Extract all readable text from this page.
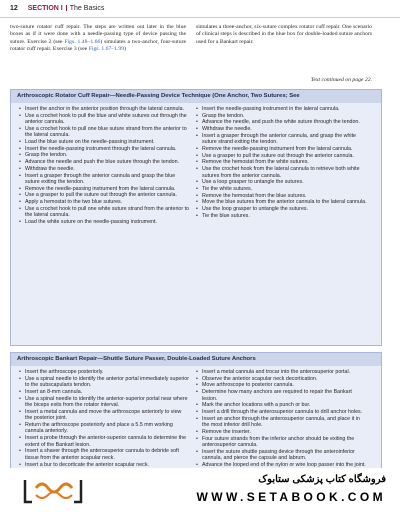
12 SECTION I The Basics
two-suture rotator cuff repair. The steps are written out later in the blue boxes as if it were done with a needle-passing type of device passing the suture. Exercise 2 (see Figs. 1.48–1.66) simulates a two-anchor, four-suture rotator cuff repair. Exercise 3 (see Figs. 1.67–1.99)
simulates a three-anchor, six-suture complex rotator cuff repair. One scenario of clinical steps is described in the blue box for double-loaded suture anchors used for a Bankart repair.
Text continued on page 22.
Arthroscopic Rotator Cuff Repair—Needle-Passing Device Technique (One Anchor, Two Sutures; See
• Insert the anchor in the anterior position through the lateral cannula.
• Use a crochet hook to pull the blue and white sutures out through the anterior cannula.
• Use a crochet hook to pull one blue suture strand from the anterior to the lateral cannula.
• Load the blue suture on the needle-passing instrument.
• Insert the needle-passing instrument through the lateral cannula.
• Grasp the tendon.
• Advance the needle and push the blue suture through the tendon.
• Withdraw the needle.
• Insert a grasper through the anterior cannula and grasp the blue suture exiting the tendon.
• Remove the needle-passing instrument from the lateral cannula.
• Use a grasper to pull the suture out through the anterior cannula.
• Apply a hemostat to the two blue sutures.
• Use a crochet hook to pull one white suture strand from the anterior to the lateral cannula.
• Load the white suture on the needle-passing instrument.
• Insert the needle-passing instrument in the lateral cannula.
• Grasp the tendon.
• Advance the needle, and push the white suture through the tendon.
• Withdraw the needle.
• Insert a grasper through the anterior cannula, and grasp the white suture strand exiting the tendon.
• Remove the needle-passing instrument from the lateral cannula.
• Use a grasper to pull the suture out through the anterior cannula.
• Remove the hemostat from the white sutures.
• Use the crochet hook from the lateral cannula to retrieve both white sutures from the anterior cannula.
• Use a loop grasper to untangle the sutures.
• Tie the white sutures.
• Remove the hemostat from the blue sutures.
• Move the blue sutures from the anterior cannula to the lateral cannula.
• Use the loop grasper to untangle the sutures.
• Tie the blue sutures.
Arthroscopic Bankart Repair—Shuttle Suture Passer, Double-Loaded Suture Anchors
• Insert the arthroscope posteriorly.
• Use a spinal needle to identify the anterior portal immediately superior to the subscapularis tendon.
• Insert an 8-mm cannula.
• Use a spinal needle to identify the anterior-superior portal near where the biceps exits from the rotator interval.
• Insert a metal cannula and move the arthroscope anteriorly to view the posterior joint.
• Return the arthroscope posteriorly and place a 5.5 mm working cannula anteriorly.
• Insert a probe through the anterior-superior cannula to determine the extent of the Bankart lesion.
• Insert a shaver through the anterosuperior cannula to debride soft tissue from the anterior scapular neck.
• Insert a bur to decorticate the anterior scapular neck.
•
• Insert a metal cannula and trocar into the anterosuperior portal.
• Observe the anterior scapular neck decortication.
• Move arthroscope to posterior cannula.
• Determine how many anchors are required to repair the Bankart lesion.
• Mark the anchor locations with a punch or bur.
• Insert a drill through the anterosuperior cannula to drill anchor holes.
• Insert an anchor through the anterosuperior cannula, and place it in the most inferior drill hole.
• Remove the inserter.
• Four suture strands from the inferior anchor should be exiting the anterosuperior cannula.
• Insert the suture shuttle passing device through the anteroinferior cannula, and pierce the capsule and labrum.
• Advance the looped end of the nylon or wire loop passer into the joint.
فروشگاه کتاب پزشکی ستابوک
WWW.SETABOOK.COM
